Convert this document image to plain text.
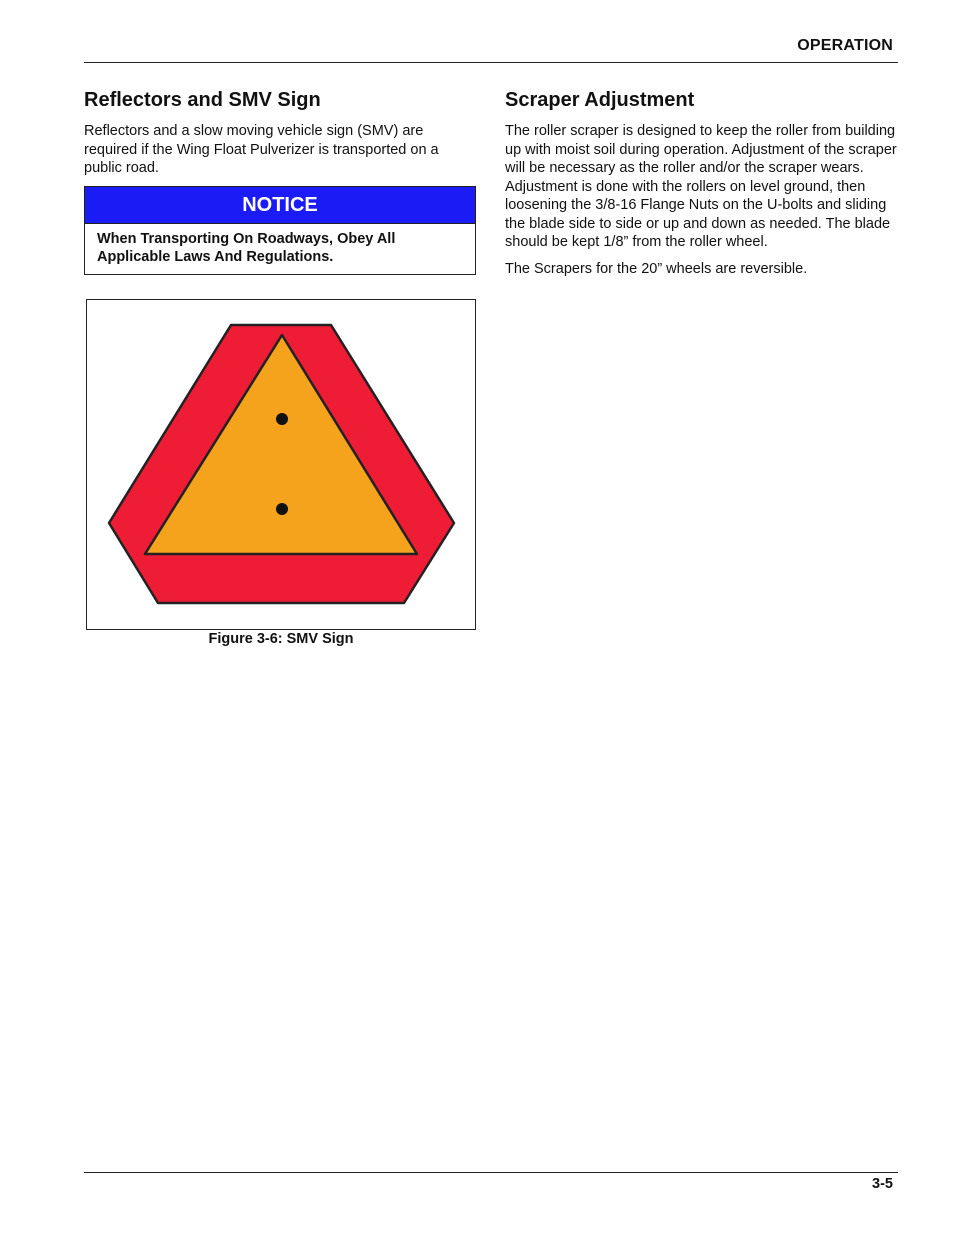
OPERATION
Reflectors and SMV Sign

Reflectors and a slow moving vehicle sign (SMV) are required if the Wing Float Pulverizer is transported on a public road.

NOTICE
When Transporting On Roadways, Obey All Applicable Laws And Regulations.
Figure 3-6: SMV Sign
Scraper Adjustment

The roller scraper is designed to keep the roller from building up with moist soil during operation. Adjustment of the scraper will be necessary as the roller and/or the scraper wears. Adjustment is done with the rollers on level ground, then loosening the 3/8-16 Flange Nuts on the U-bolts and sliding the blade side to side or up and down as needed. The blade should be kept 1/8” from the roller wheel.

The Scrapers for the 20” wheels are reversible.

3-5
